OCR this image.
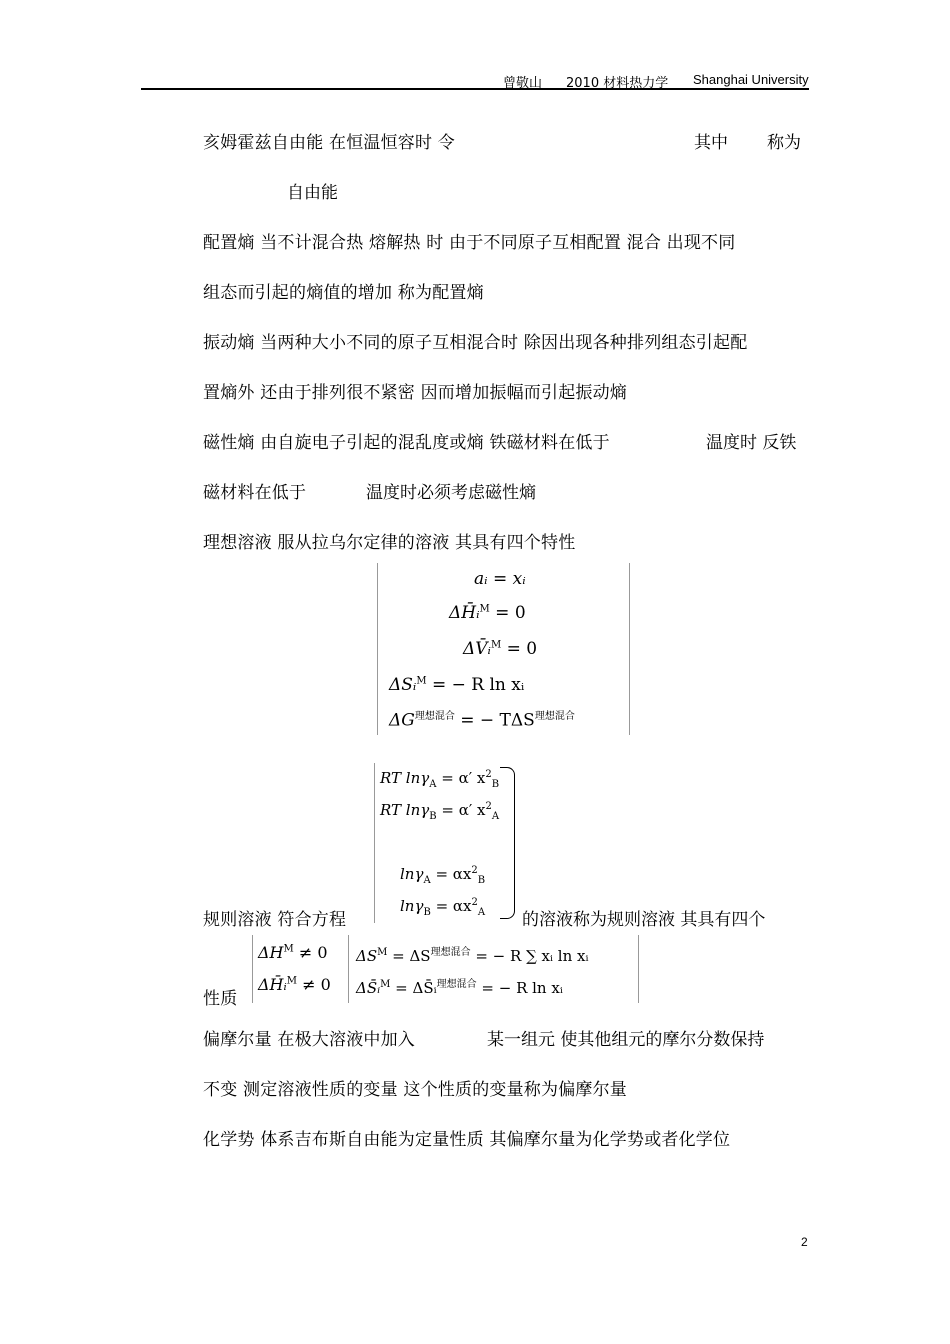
曾敬山 2010 材料热力学 Shanghai University
亥姆霍兹自由能 在恒温恒容时 令	其中 称为
自由能
配置熵 当不计混合热 熔解热 时 由于不同原子互相配置 混合 出现不同
组态而引起的熵值的增加 称为配置熵
振动熵 当两种大小不同的原子互相混合时 除因出现各种排列组态引起配
置熵外 还由于排列很不紧密 因而增加振幅而引起振动熵
磁性熵 由自旋电子引起的混乱度或熵 铁磁材料在低于	温度时 反铁
磁材料在低于	温度时必须考虑磁性熵
理想溶液 服从拉乌尔定律的溶液 其具有四个特性
aᵢ = xᵢ
ΔH̄ᵢ$^M$ = 0
ΔV̄ᵢ$^M$ = 0
ΔSᵢ$^M$ = − R ln xᵢ
$\Delta G^{理想混合}$ = − $T\Delta S^{理想混合}$
RT lnγ$_A$ = α′ $x^2_B$
RT lnγ$_B$ = α′ $x^2_A$
$\ln\gamma_A = \alpha x^2_B$
$\ln\gamma_B = \alpha x^2_A$
规则溶液 符合方程	的溶液称为规则溶液 其具有四个
$\Delta H^M \ne 0$
ΔH̄ᵢ$^M$ ≠ 0
$\Delta S^M = \Delta S^{理想混合}$ = − R ∑ xᵢ ln xᵢ
ΔS̄ᵢ$^M$ = ΔS̄ᵢ$^{理想混合}$ = − R ln xᵢ
性质
偏摩尔量 在极大溶液中加入	某一组元 使其他组元的摩尔分数保持
不变 测定溶液性质的变量 这个性质的变量称为偏摩尔量
化学势 体系吉布斯自由能为定量性质 其偏摩尔量为化学势或者化学位
2
